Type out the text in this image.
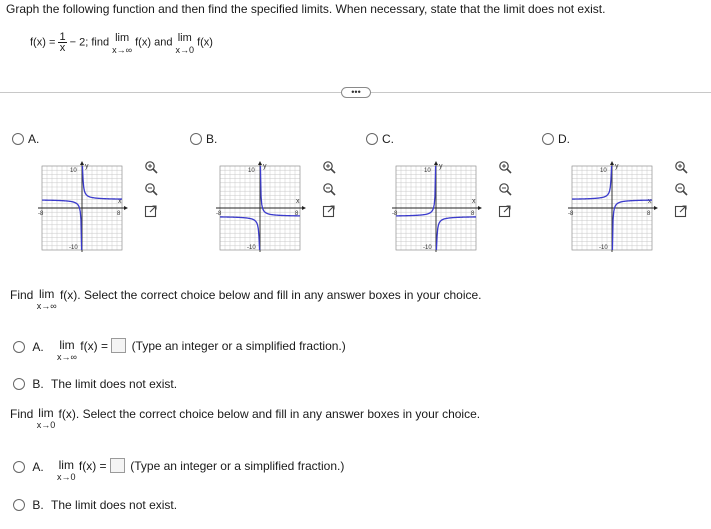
Graph the following function and then find the specified limits. When necessary, state that the limit does not exist.
$f(x) = \frac{1}{x} - 2$; find lim
x→∞
f(x) and lim
x→0
f(x)
•••
A.
y
x
10
-10
-8	8
B.
y
x
10
-10
-8	8
C.
y
x
10
-10
-8	8
D.
y
x
10
-10
-8	8
Find lim
x→∞
f(x). Select the correct choice below and fill in any answer boxes in your choice.
A. lim
x→∞
f(x) = (Type an integer or a simplified fraction.)
B. The limit does not exist.
Find lim
x→0
f(x). Select the correct choice below and fill in any answer boxes in your choice.
A. lim
x→0
f(x) = (Type an integer or a simplified fraction.)
B. The limit does not exist.
